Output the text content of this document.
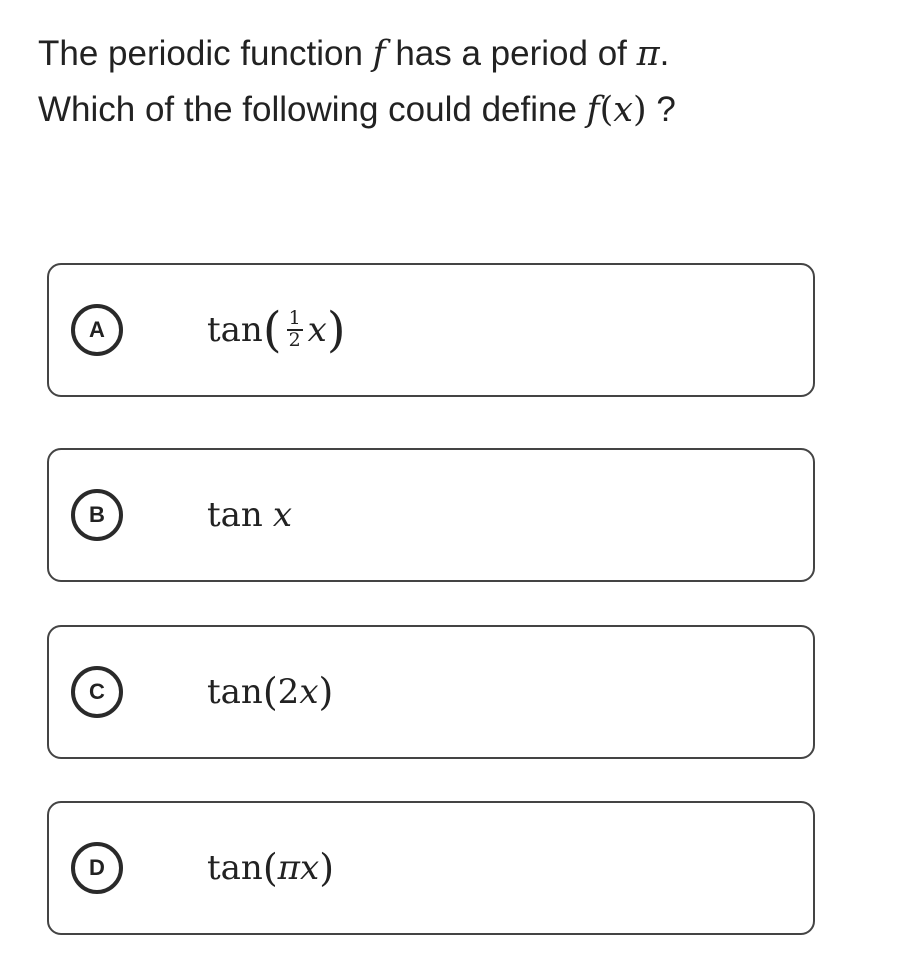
The periodic function f has a period of π.
Which of the following could define f(x) ?
A	tan ( $\frac{1}{2}$ x )
B	tan x
C	tan ( 2 x )
D	tan ( π x )
